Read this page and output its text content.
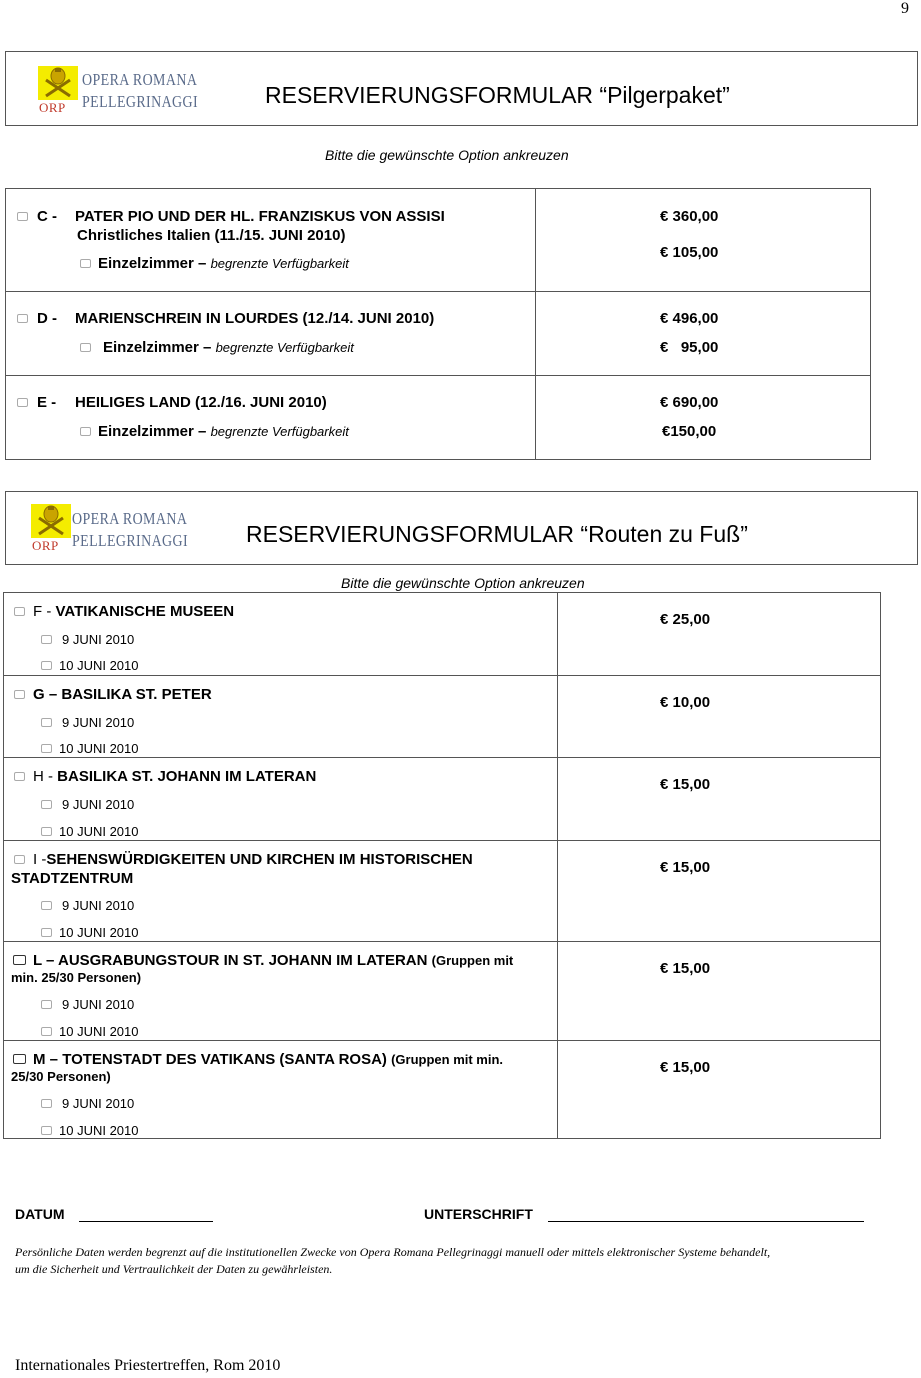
9
ORP
OPERA ROMANA
PELLEGRINAGGI	RESERVIERUNGSFORMULAR “Pilgerpaket”
Bitte die gewünschte Option ankreuzen
C - PATER PIO UND DER HL. FRANZISKUS VON ASSISI
Christliches Italien (11./15. JUNI 2010)
Einzelzimmer – begrenzte Verfügbarkeit
€ 360,00
€ 105,00
D - MARIENSCHREIN IN LOURDES (12./14. JUNI 2010)
Einzelzimmer – begrenzte Verfügbarkeit
€ 496,00
€   95,00
E - HEILIGES LAND (12./16. JUNI 2010)
Einzelzimmer – begrenzte Verfügbarkeit
€ 690,00
€150,00
ORP
OPERA ROMANA
PELLEGRINAGGI	RESERVIERUNGSFORMULAR “Routen zu Fuß”
Bitte die gewünschte Option ankreuzen
F - VATIKANISCHE MUSEEN
9 JUNI 2010
10 JUNI 2010
€ 25,00
G – BASILIKA ST. PETER
9 JUNI 2010
10 JUNI 2010
€ 10,00
H - BASILIKA ST. JOHANN IM LATERAN
9 JUNI 2010
10 JUNI 2010
€ 15,00
I -SEHENSWÜRDIGKEITEN UND KIRCHEN IM HISTORISCHEN
STADTZENTRUM
9 JUNI 2010
10 JUNI 2010
€ 15,00
L – AUSGRABUNGSTOUR IN ST. JOHANN IM LATERAN (Gruppen mit
min. 25/30 Personen)
9 JUNI 2010
10 JUNI 2010
€ 15,00
M – TOTENSTADT DES VATIKANS (SANTA ROSA) (Gruppen mit min.
25/30 Personen)
9 JUNI 2010
10 JUNI 2010
€ 15,00
DATUM	UNTERSCHRIFT
Persönliche Daten werden begrenzt auf die institutionellen Zwecke von Opera Romana Pellegrinaggi manuell oder mittels elektronischer Systeme behandelt,
um die Sicherheit und Vertraulichkeit der Daten zu gewährleisten.
Internationales Priestertreffen, Rom 2010
